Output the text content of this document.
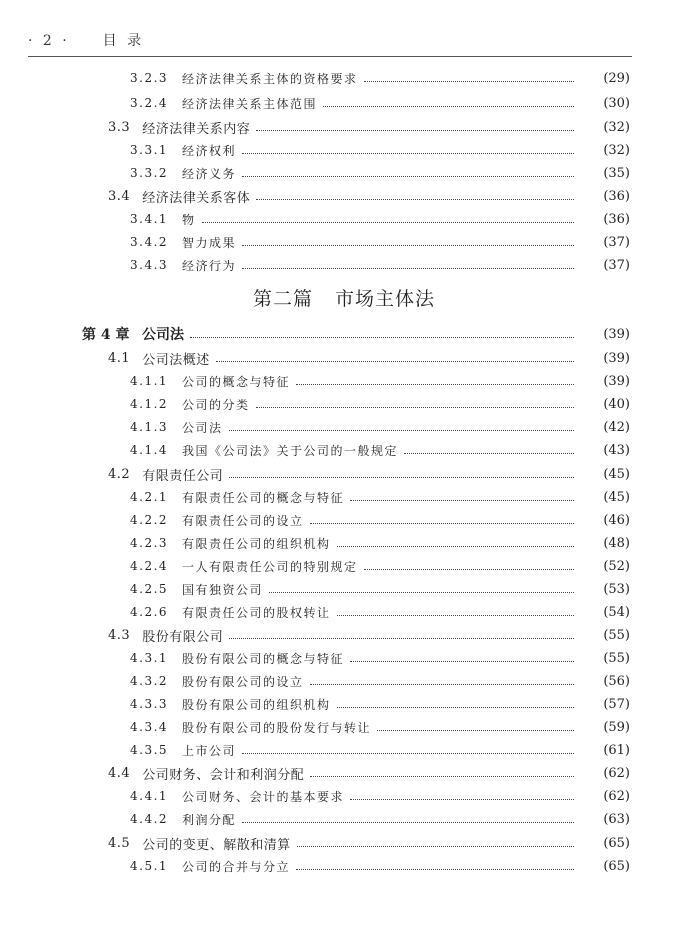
· 2 · 目 录
第二篇 市场主体法
3.2.3 经济法律关系主体的资格要求	(29)
3.2.4 经济法律关系主体范围	(30)
3.3 经济法律关系内容	(32)
3.3.1 经济权利	(32)
3.3.2 经济义务	(35)
3.4 经济法律关系客体	(36)
3.4.1 物	(36)
3.4.2 智力成果	(37)
3.4.3 经济行为	(37)
第 4 章 公司法	(39)
4.1 公司法概述	(39)
4.1.1 公司的概念与特征	(39)
4.1.2 公司的分类	(40)
4.1.3 公司法	(42)
4.1.4 我国《公司法》关于公司的一般规定	(43)
4.2 有限责任公司	(45)
4.2.1 有限责任公司的概念与特征	(45)
4.2.2 有限责任公司的设立	(46)
4.2.3 有限责任公司的组织机构	(48)
4.2.4 一人有限责任公司的特别规定	(52)
4.2.5 国有独资公司	(53)
4.2.6 有限责任公司的股权转让	(54)
4.3 股份有限公司	(55)
4.3.1 股份有限公司的概念与特征	(55)
4.3.2 股份有限公司的设立	(56)
4.3.3 股份有限公司的组织机构	(57)
4.3.4 股份有限公司的股份发行与转让	(59)
4.3.5 上市公司	(61)
4.4 公司财务、会计和利润分配	(62)
4.4.1 公司财务、会计的基本要求	(62)
4.4.2 利润分配	(63)
4.5 公司的变更、解散和清算	(65)
4.5.1 公司的合并与分立	(65)
